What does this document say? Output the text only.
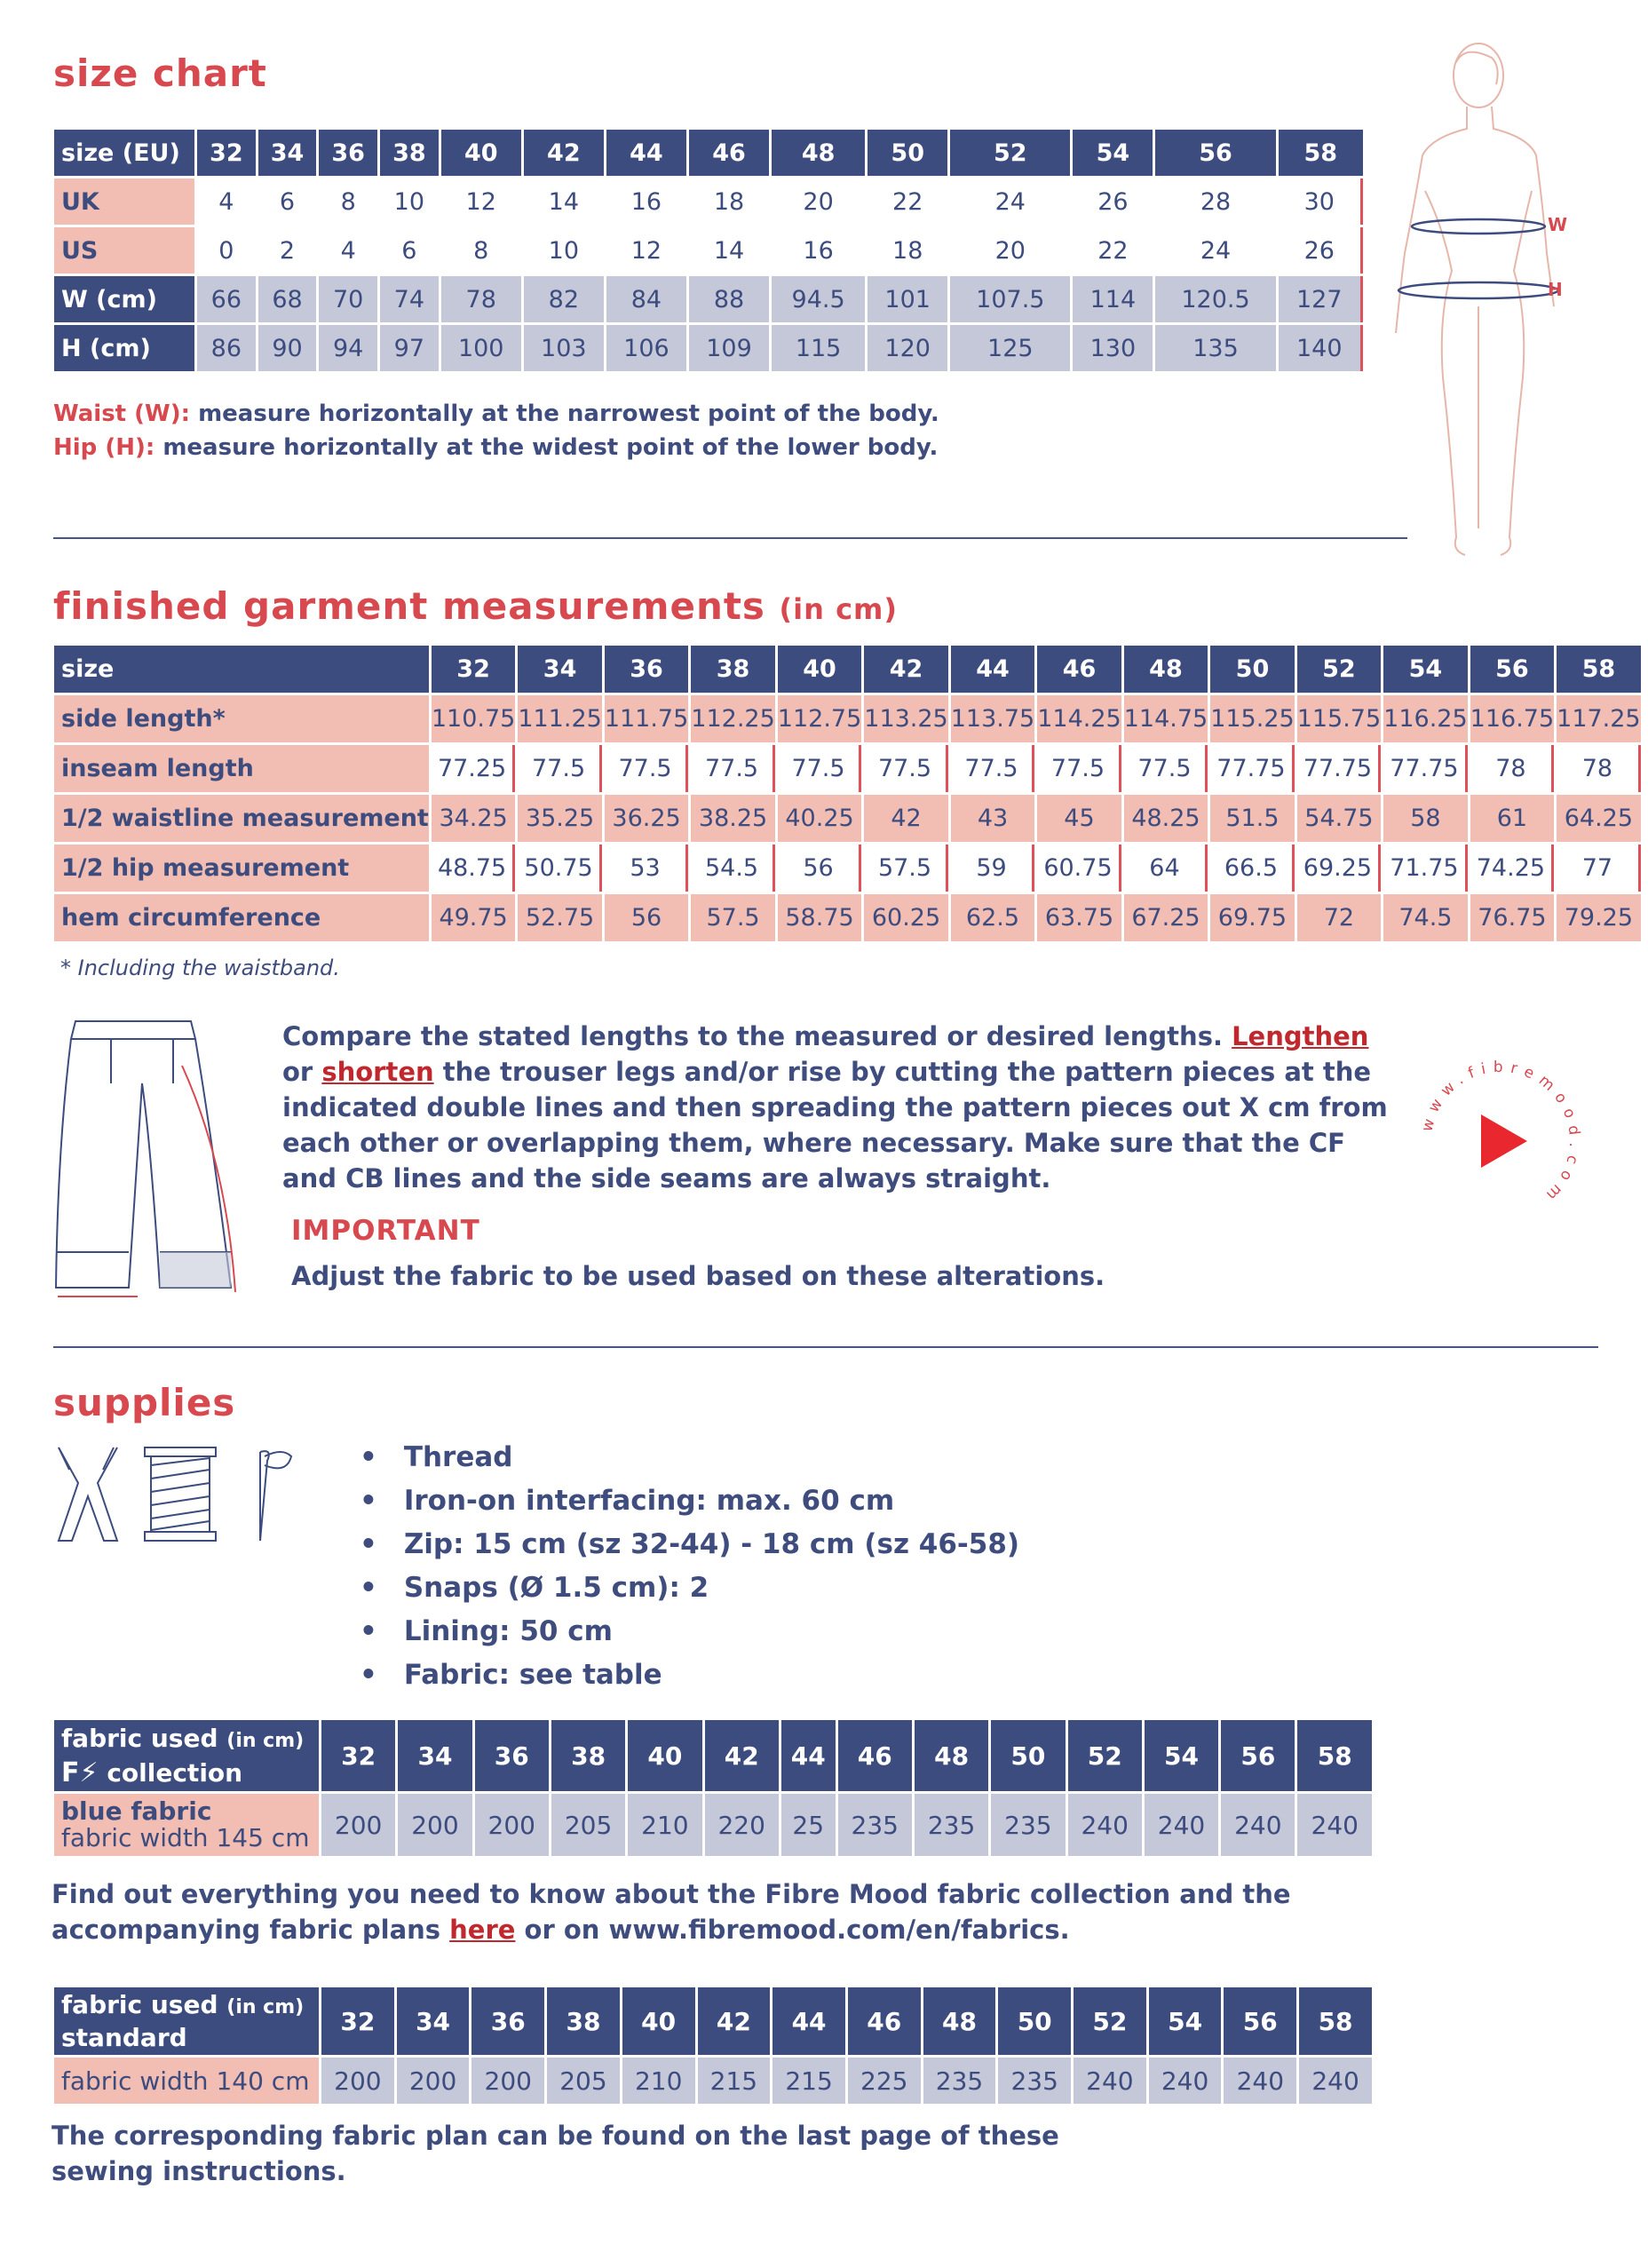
size chart
size (EU)	32	34	36	38	40	42	44	46	48	50	52	54	56	58
UK	4	6	8	10	12	14	16	18	20	22	24	26	28	30
US	0	2	4	6	8	10	12	14	16	18	20	22	24	26
W (cm)	66	68	70	74	78	82	84	88	94.5	101	107.5	114	120.5	127
H (cm)	86	90	94	97	100	103	106	109	115	120	125	130	135	140
Waist (W): measure horizontally at the narrowest point of the body.
Hip (H): measure horizontally at the widest point of the lower body.
W
H
finished garment measurements (in cm)
size	32	34	36	38	40	42	44	46	48	50	52	54	56	58
side length*	110.75	111.25	111.75	112.25	112.75	113.25	113.75	114.25	114.75	115.25	115.75	116.25	116.75	117.25
inseam length	77.25	77.5	77.5	77.5	77.5	77.5	77.5	77.5	77.5	77.75	77.75	77.75	78	78
1/2 waistline measurement	34.25	35.25	36.25	38.25	40.25	42	43	45	48.25	51.5	54.75	58	61	64.25
1/2 hip measurement	48.75	50.75	53	54.5	56	57.5	59	60.75	64	66.5	69.25	71.75	74.25	77
hem circumference	49.75	52.75	56	57.5	58.75	60.25	62.5	63.75	67.25	69.75	72	74.5	76.75	79.25
* Including the waistband.
Compare the stated lengths to the measured or desired lengths. Lengthen or shorten the trouser legs and/or rise by cutting the pattern pieces at the indicated double lines and then spreading the pattern pieces out X cm from each other or overlapping them, where necessary. Make sure that the CF and CB lines and the side seams are always straight.
IMPORTANT
Adjust the fabric to be used based on these alterations.
www.fibremood.com
supplies
• Thread
• Iron-on interfacing: max. 60 cm
• Zip: 15 cm (sz 32-44) - 18 cm (sz 46-58)
• Snaps (Ø 1.5 cm): 2
• Lining: 50 cm
• Fabric: see table
fabric used (in cm)
F⚡ collection	32	34	36	38	40	42	44	46	48	50	52	54	56	58
blue fabric
fabric width 145 cm	200	200	200	205	210	220	25	235	235	235	240	240	240	240
Find out everything you need to know about the Fibre Mood fabric collection and the accompanying fabric plans here or on www.fibremood.com/en/fabrics.
fabric used (in cm)
standard	32	34	36	38	40	42	44	46	48	50	52	54	56	58
fabric width 140 cm	200	200	200	205	210	215	215	225	235	235	240	240	240	240
The corresponding fabric plan can be found on the last page of these sewing instructions.
